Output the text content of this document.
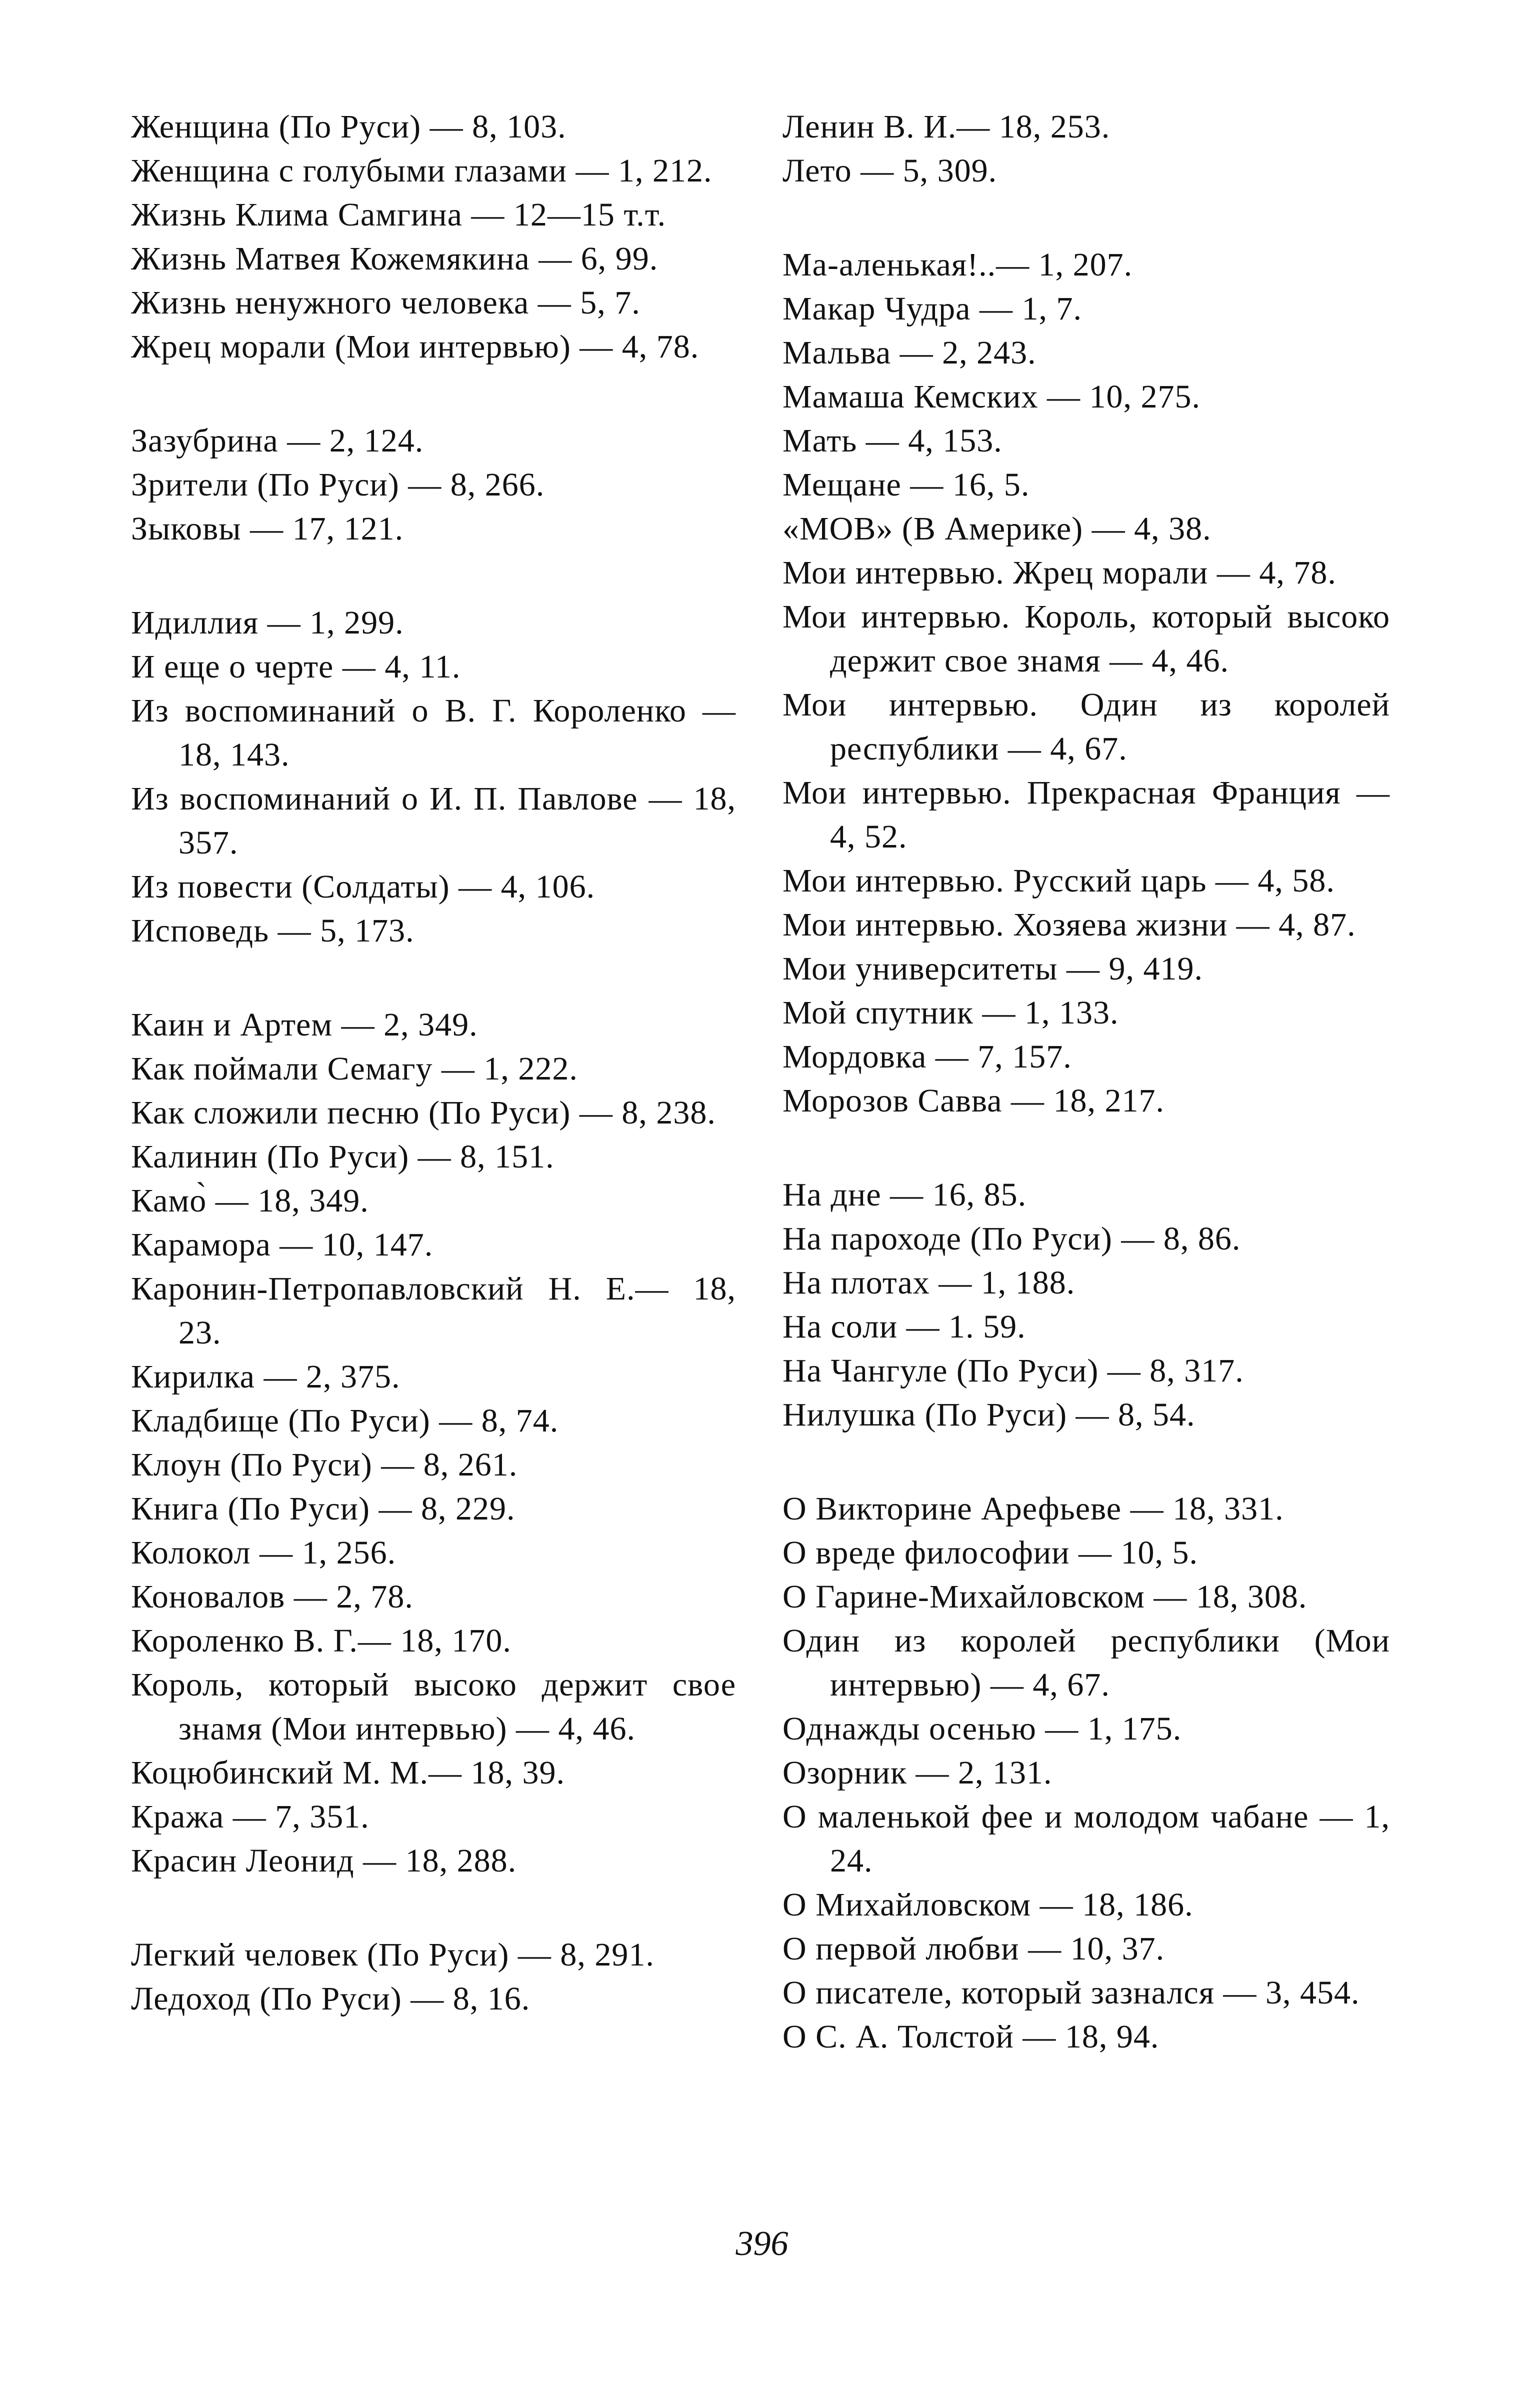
Женщина (По Руси) — 8, 103.
Женщина с голубыми глазами — 1, 212.
Жизнь Клима Самгина — 12—15 т.т.
Жизнь Матвея Кожемякина — 6, 99.
Жизнь ненужного человека — 5, 7.
Жрец морали (Мои интервью) — 4, 78.
Зазубрина — 2, 124.
Зрители (По Руси) — 8, 266.
Зыковы — 17, 121.
Идиллия — 1, 299.
И еще о черте — 4, 11.
Из воспоминаний о В. Г. Короленко — 18, 143.
Из воспоминаний о И. П. Павлове — 18, 357.
Из повести (Солдаты) — 4, 106.
Исповедь — 5, 173.
Каин и Артем — 2, 349.
Как поймали Семагу — 1, 222.
Как сложили песню (По Руси) — 8, 238.
Калинин (По Руси) — 8, 151.
Камо̀ — 18, 349.
Карамора — 10, 147.
Каронин-Петропавловский Н. Е.— 18, 23.
Кирилка — 2, 375.
Кладбище (По Руси) — 8, 74.
Клоун (По Руси) — 8, 261.
Книга (По Руси) — 8, 229.
Колокол — 1, 256.
Коновалов — 2, 78.
Короленко В. Г.— 18, 170.
Король, который высоко держит свое знамя (Мои интервью) — 4, 46.
Коцюбинский М. М.— 18, 39.
Кража — 7, 351.
Красин Леонид — 18, 288.
Легкий человек (По Руси) — 8, 291.
Ледоход (По Руси) — 8, 16.
Ленин В. И.— 18, 253.
Лето — 5, 309.
Ма-аленькая!..— 1, 207.
Макар Чудра — 1, 7.
Мальва — 2, 243.
Мамаша Кемских — 10, 275.
Мать — 4, 153.
Мещане — 16, 5.
«МОВ» (В Америке) — 4, 38.
Мои интервью. Жрец морали — 4, 78.
Мои интервью. Король, который высоко держит свое знамя — 4, 46.
Мои интервью. Один из королей республики — 4, 67.
Мои интервью. Прекрасная Франция — 4, 52.
Мои интервью. Русский царь — 4, 58.
Мои интервью. Хозяева жизни — 4, 87.
Мои университеты — 9, 419.
Мой спутник — 1, 133.
Мордовка — 7, 157.
Морозов Савва — 18, 217.
На дне — 16, 85.
На пароходе (По Руси) — 8, 86.
На плотах — 1, 188.
На соли — 1. 59.
На Чангуле (По Руси) — 8, 317.
Нилушка (По Руси) — 8, 54.
О Викторине Арефьеве — 18, 331.
О вреде философии — 10, 5.
О Гарине-Михайловском — 18, 308.
Один из королей республики (Мои интервью) — 4, 67.
Однажды осенью — 1, 175.
Озорник — 2, 131.
О маленькой фее и молодом чабане — 1, 24.
О Михайловском — 18, 186.
О первой любви — 10, 37.
О писателе, который зазнался — 3, 454.
О С. А. Толстой — 18, 94.
396
